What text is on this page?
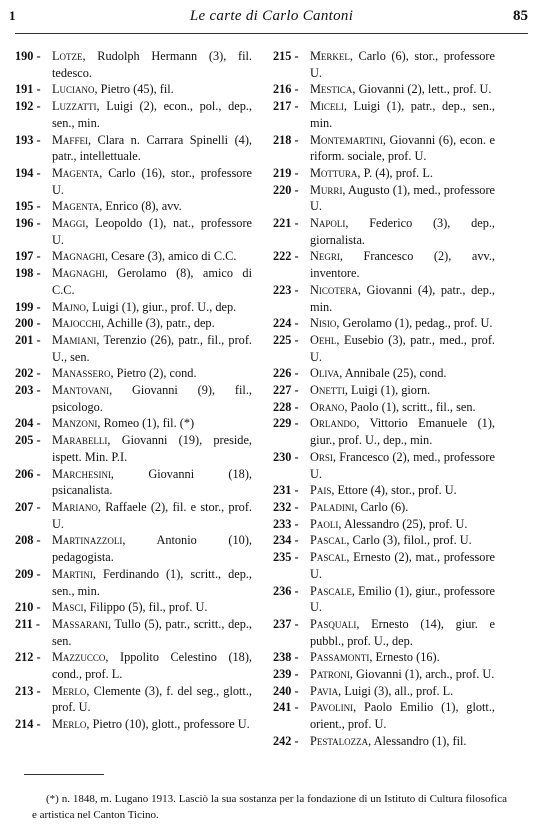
1	Le carte di Carlo Cantoni	85
190 - Lotze, Rudolph Hermann (3), fil. tedesco.
191 - Luciano, Pietro (45), fil.
192 - Luzzatti, Luigi (2), econ., pol., dep., sen., min.
193 - Maffei, Clara n. Carrara Spinelli (4), patr., intellettuale.
194 - Magenta, Carlo (16), stor., professore U.
195 - Magenta, Enrico (8), avv.
196 - Maggi, Leopoldo (1), nat., professore U.
197 - Magnaghi, Cesare (3), amico di C.C.
198 - Magnaghi, Gerolamo (8), amico di C.C.
199 - Majno, Luigi (1), giur., prof. U., dep.
200 - Majocchi, Achille (3), patr., dep.
201 - Mamiani, Terenzio (26), patr., fil., prof. U., sen.
202 - Manassero, Pietro (2), cond.
203 - Mantovani, Giovanni (9), fil., psicologo.
204 - Manzoni, Romeo (1), fil. (*)
205 - Marabelli, Giovanni (19), preside, ispett. Min. P.I.
206 - Marchesini, Giovanni (18), psicanalista.
207 - Mariano, Raffaele (2), fil. e stor., prof. U.
208 - Martinazzoli, Antonio (10), pedagogista.
209 - Martini, Ferdinando (1), scritt., dep., sen., min.
210 - Masci, Filippo (5), fil., prof. U.
211 - Massarani, Tullo (5), patr., scritt., dep., sen.
212 - Mazzucco, Ippolito Celestino (18), cond., prof. L.
213 - Merlo, Clemente (3), f. del seg., glott., prof. U.
214 - Merlo, Pietro (10), glott., professore U.
215 - Merkel, Carlo (6), stor., professore U.
216 - Mestica, Giovanni (2), lett., prof. U.
217 - Miceli, Luigi (1), patr., dep., sen., min.
218 - Montemartini, Giovanni (6), econ. e riform. sociale, prof. U.
219 - Mottura, P. (4), prof. L.
220 - Murri, Augusto (1), med., professore U.
221 - Napoli, Federico (3), dep., giornalista.
222 - Negri, Francesco (2), avv., inventore.
223 - Nicotera, Giovanni (4), patr., dep., min.
224 - Nisio, Gerolamo (1), pedag., prof. U.
225 - Oehl, Eusebio (3), patr., med., prof. U.
226 - Oliva, Annibale (25), cond.
227 - Onetti, Luigi (1), giorn.
228 - Orano, Paolo (1), scritt., fil., sen.
229 - Orlando, Vittorio Emanuele (1), giur., prof. U., dep., min.
230 - Orsi, Francesco (2), med., professore U.
231 - Pais, Ettore (4), stor., prof. U.
232 - Paladini, Carlo (6).
233 - Paoli, Alessandro (25), prof. U.
234 - Pascal, Carlo (3), filol., prof. U.
235 - Pascal, Ernesto (2), mat., professore U.
236 - Pascale, Emilio (1), giur., professore U.
237 - Pasquali, Ernesto (14), giur. e pubbl., prof. U., dep.
238 - Passamonti, Ernesto (16).
239 - Patroni, Giovanni (1), arch., prof. U.
240 - Pavia, Luigi (3), all., prof. L.
241 - Pavolini, Paolo Emilio (1), glott., orient., prof. U.
242 - Pestalozza, Alessandro (1), fil.
(*) n. 1848, m. Lugano 1913. Lasciò la sua sostanza per la fondazione di un Istituto di Cultura filosofica e artistica nel Canton Ticino.
